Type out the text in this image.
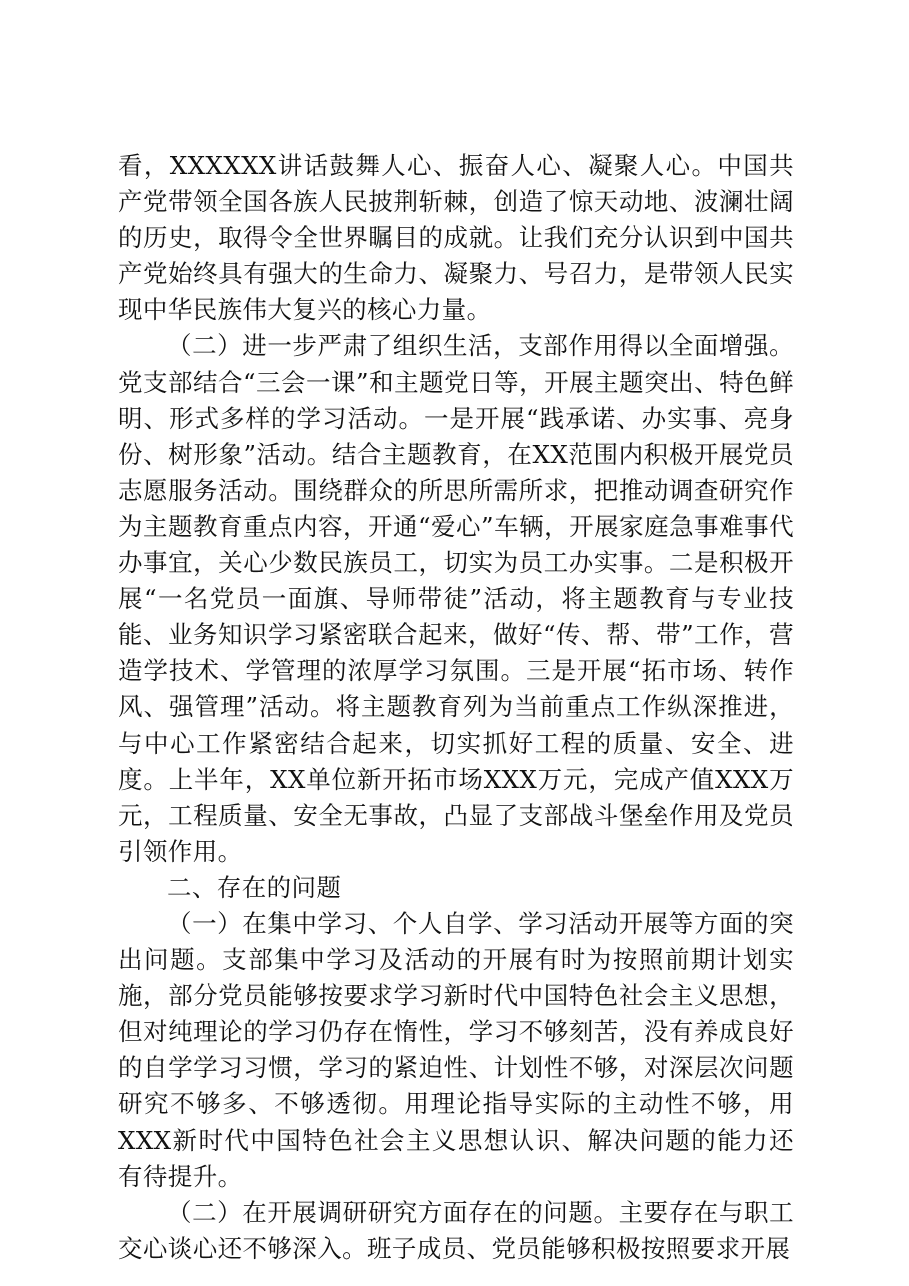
看，XXXXXX讲话鼓舞人心、振奋人心、凝聚人心。中国共产党带领全国各族人民披荆斩棘，创造了惊天动地、波澜壮阔的历史，取得令全世界瞩目的成就。让我们充分认识到中国共产党始终具有强大的生命力、凝聚力、号召力，是带领人民实现中华民族伟大复兴的核心力量。

（二）进一步严肃了组织生活，支部作用得以全面增强。党支部结合“三会一课”和主题党日等，开展主题突出、特色鲜明、形式多样的学习活动。一是开展“践承诺、办实事、亮身份、树形象”活动。结合主题教育，在XX范围内积极开展党员志愿服务活动。围绕群众的所思所需所求，把推动调查研究作为主题教育重点内容，开通“爱心”车辆，开展家庭急事难事代办事宜，关心少数民族员工，切实为员工办实事。二是积极开展“一名党员一面旗、导师带徒”活动，将主题教育与专业技能、业务知识学习紧密联合起来，做好“传、帮、带”工作，营造学技术、学管理的浓厚学习氛围。三是开展“拓市场、转作风、强管理”活动。将主题教育列为当前重点工作纵深推进，与中心工作紧密结合起来，切实抓好工程的质量、安全、进度。上半年，XX单位新开拓市场XXX万元，完成产值XXX万元，工程质量、安全无事故，凸显了支部战斗堡垒作用及党员引领作用。

二、存在的问题

（一）在集中学习、个人自学、学习活动开展等方面的突出问题。支部集中学习及活动的开展有时为按照前期计划实施，部分党员能够按要求学习新时代中国特色社会主义思想，但对纯理论的学习仍存在惰性，学习不够刻苦，没有养成良好的自学学习习惯，学习的紧迫性、计划性不够，对深层次问题研究不够多、不够透彻。用理论指导实际的主动性不够，用XXX新时代中国特色社会主义思想认识、解决问题的能力还有待提升。

（二）在开展调研研究方面存在的问题。主要存在与职工交心谈心还不够深入。班子成员、党员能够积极按照要求开展
